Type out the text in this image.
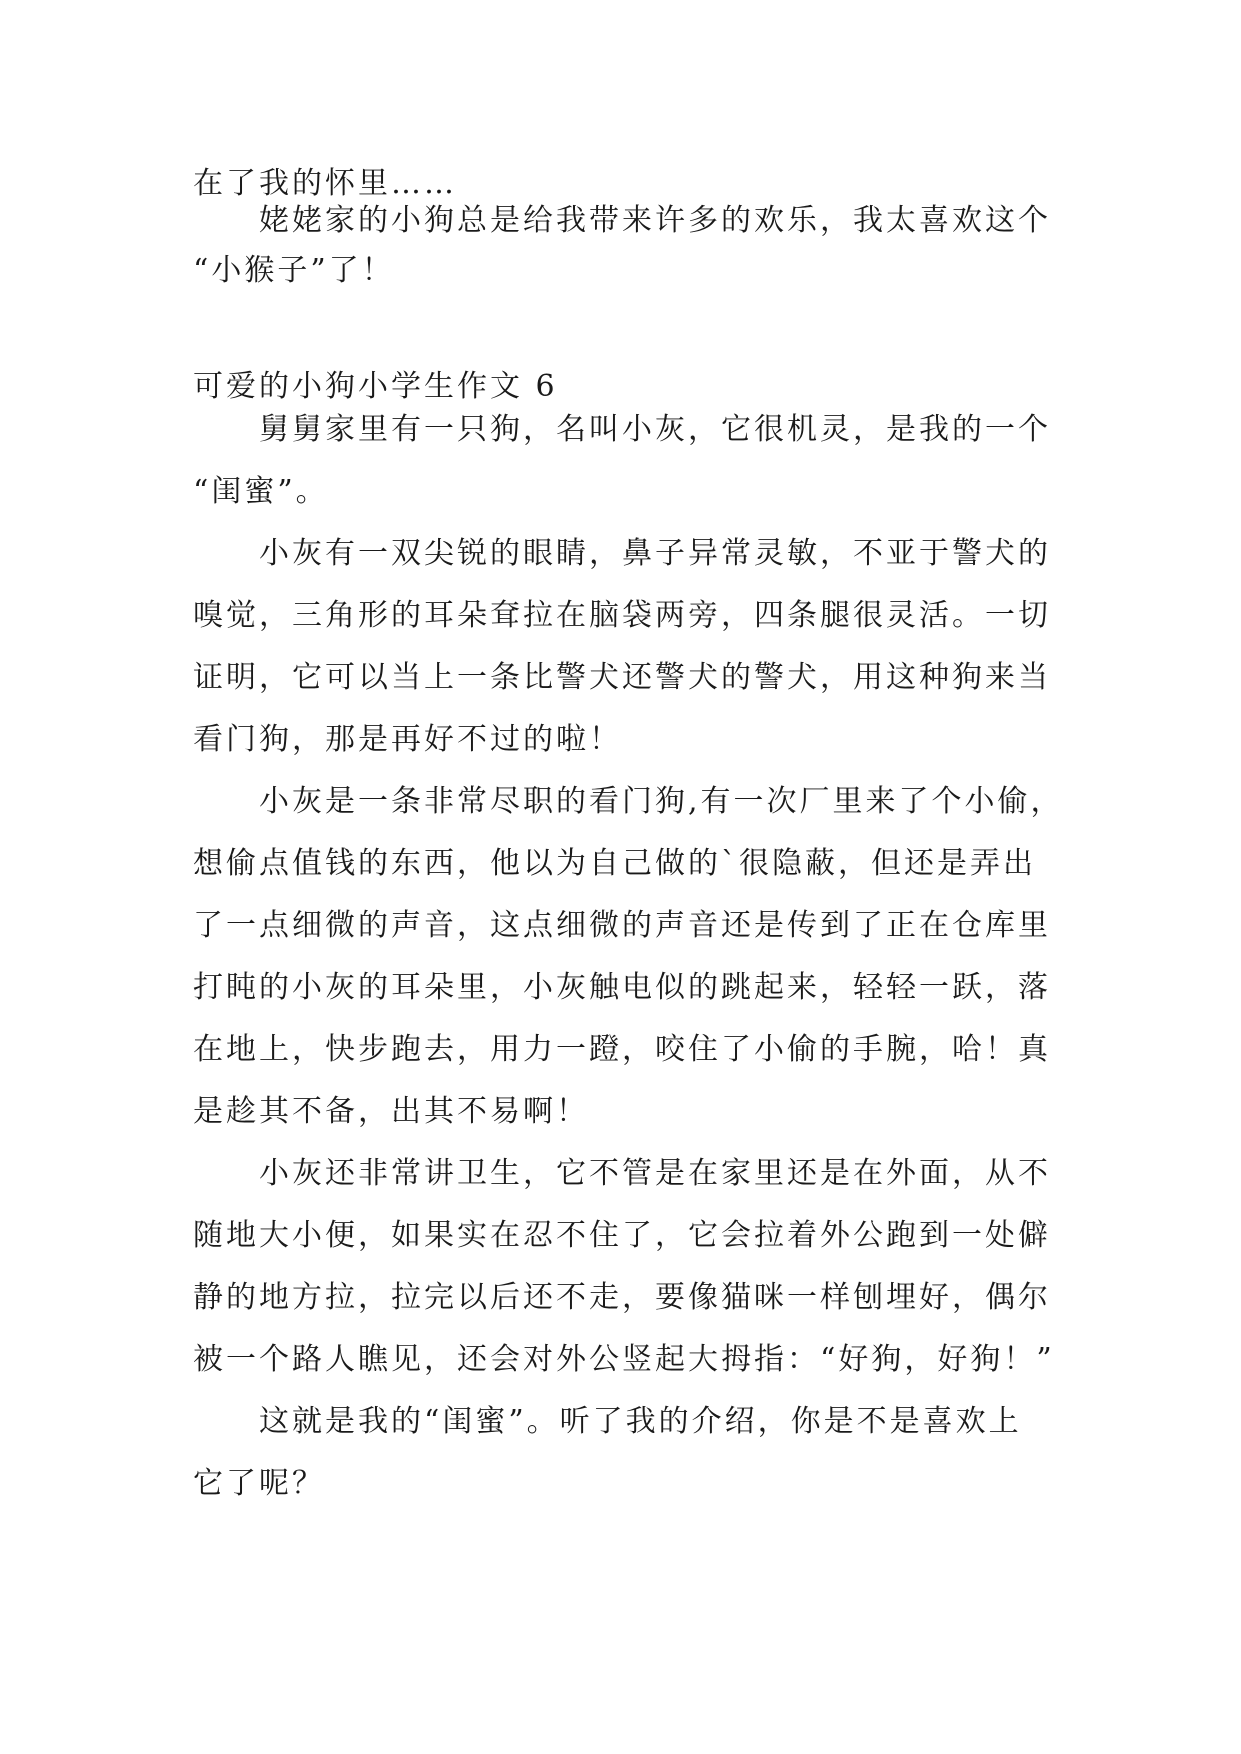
在了我的怀里……

姥姥家的小狗总是给我带来许多的欢乐，我太喜欢这个

“小猴子”了！

可爱的小狗小学生作文 6

舅舅家里有一只狗，名叫小灰，它很机灵，是我的一个

“闺蜜”。

小灰有一双尖锐的眼睛，鼻子异常灵敏，不亚于警犬的

嗅觉，三角形的耳朵耷拉在脑袋两旁，四条腿很灵活。一切
证明，它可以当上一条比警犬还警犬的警犬，用这种狗来当
看门狗，那是再好不过的啦！

小灰是一条非常尽职的看门狗,有一次厂里来了个小偷，

想偷点值钱的东西，他以为自己做的`很隐蔽，但还是弄出
了一点细微的声音，这点细微的声音还是传到了正在仓库里
打盹的小灰的耳朵里，小灰触电似的跳起来，轻轻一跃，落
在地上，快步跑去，用力一蹬，咬住了小偷的手腕，哈！真
是趁其不备，出其不易啊！

小灰还非常讲卫生，它不管是在家里还是在外面，从不

随地大小便，如果实在忍不住了，它会拉着外公跑到一处僻
静的地方拉，拉完以后还不走，要像猫咪一样刨埋好，偶尔
被一个路人瞧见，还会对外公竖起大拇指：“好狗，好狗！”

这就是我的“闺蜜”。听了我的介绍，你是不是喜欢上

它了呢？
